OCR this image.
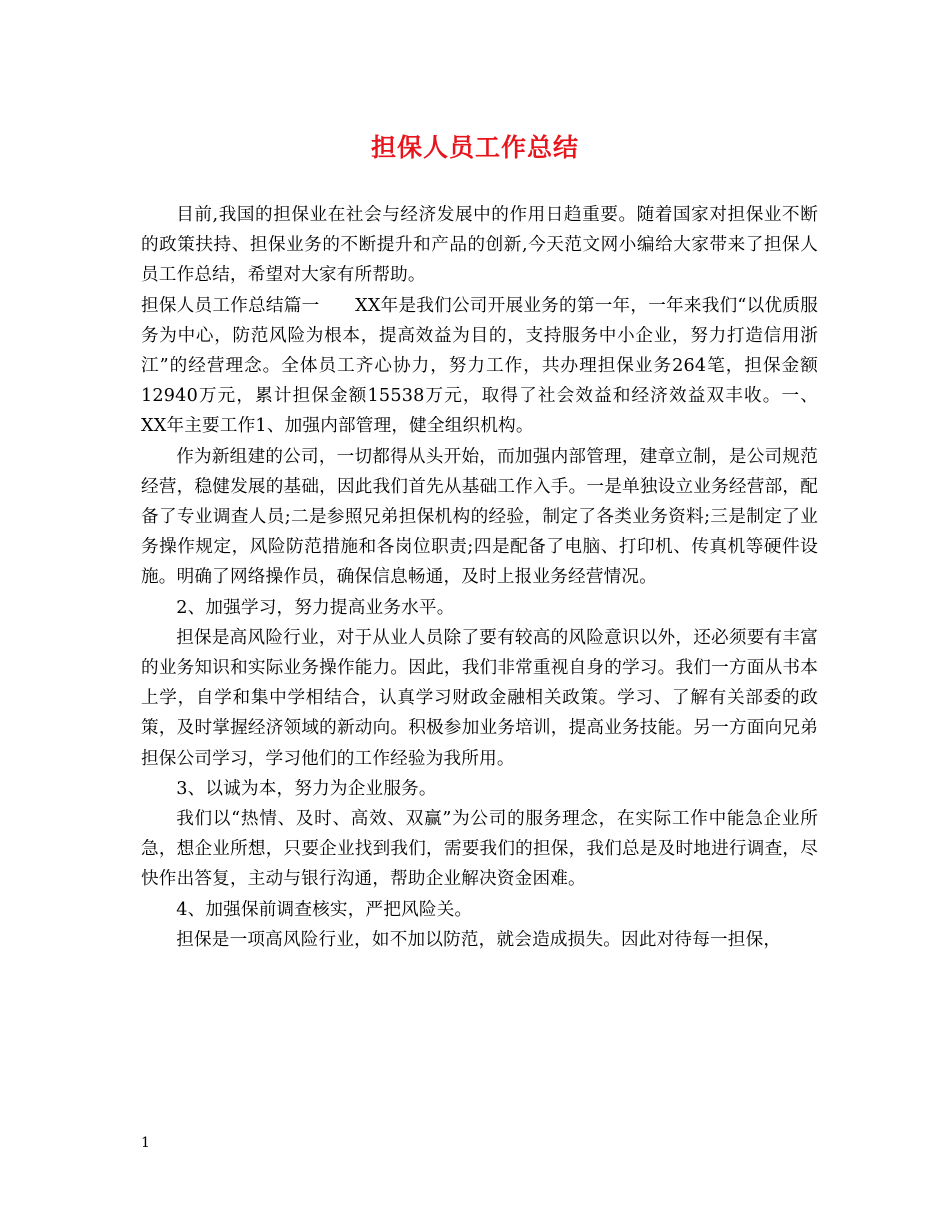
担保人员工作总结

目前,我国的担保业在社会与经济发展中的作用日趋重要。随着国家对担保业不断的政策扶持、担保业务的不断提升和产品的创新,今天范文网小编给大家带来了担保人员工作总结，希望对大家有所帮助。

担保人员工作总结篇一　　XX年是我们公司开展业务的第一年，一年来我们“以优质服务为中心，防范风险为根本，提高效益为目的，支持服务中小企业，努力打造信用浙江”的经营理念。全体员工齐心协力，努力工作，共办理担保业务264笔，担保金额12940万元，累计担保金额15538万元，取得了社会效益和经济效益双丰收。一、 XX年主要工作1、加强内部管理，健全组织机构。

作为新组建的公司，一切都得从头开始，而加强内部管理，建章立制，是公司规范经营，稳健发展的基础，因此我们首先从基础工作入手。一是单独设立业务经营部，配备了专业调查人员;二是参照兄弟担保机构的经验，制定了各类业务资料;三是制定了业务操作规定，风险防范措施和各岗位职责;四是配备了电脑、打印机、传真机等硬件设施。明确了网络操作员，确保信息畅通，及时上报业务经营情况。

2、加强学习，努力提高业务水平。

担保是高风险行业，对于从业人员除了要有较高的风险意识以外，还必须要有丰富的业务知识和实际业务操作能力。因此，我们非常重视自身的学习。我们一方面从书本上学，自学和集中学相结合，认真学习财政金融相关政策。学习、了解有关部委的政策，及时掌握经济领域的新动向。积极参加业务培训，提高业务技能。另一方面向兄弟担保公司学习，学习他们的工作经验为我所用。

3、以诚为本，努力为企业服务。

我们以“热情、及时、高效、双赢”为公司的服务理念，在实际工作中能急企业所急，想企业所想，只要企业找到我们，需要我们的担保，我们总是及时地进行调查，尽快作出答复，主动与银行沟通，帮助企业解决资金困难。

4、加强保前调查核实，严把风险关。

担保是一项高风险行业，如不加以防范，就会造成损失。因此对待每一担保，

1
